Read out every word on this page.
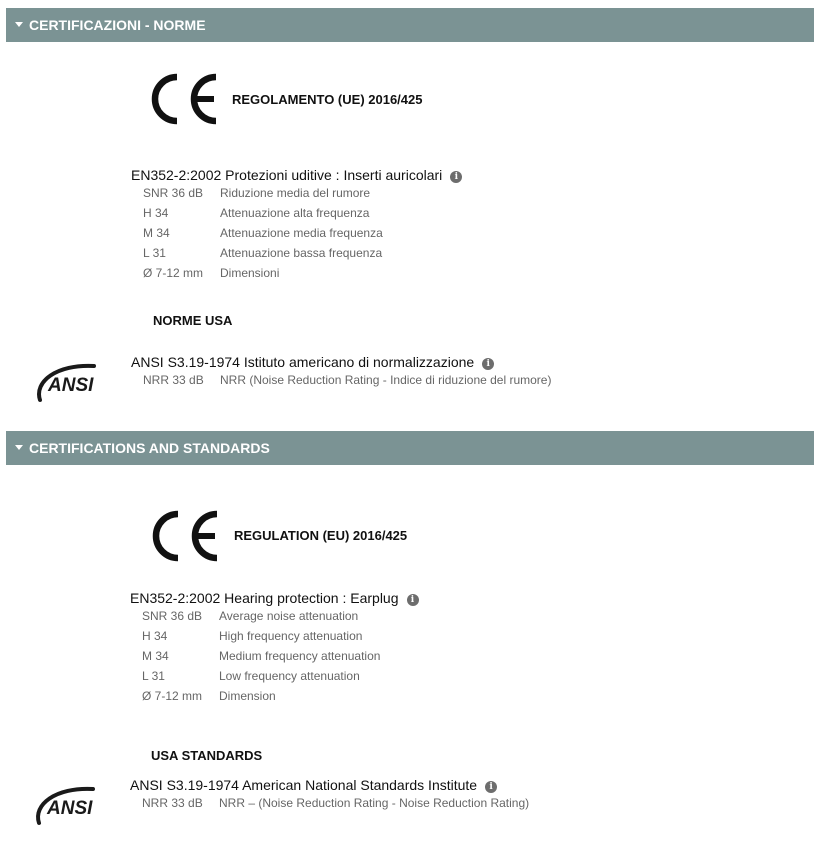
CERTIFICAZIONI - NORME
REGOLAMENTO (UE) 2016/425
EN352-2:2002 Protezioni uditive : Inserti auricolari i
SNR 36 dB Riduzione media del rumore
H 34	Attenuazione alta frequenza
M 34	Attenuazione media frequenza
L 31	Attenuazione bassa frequenza
Ø 7-12 mm Dimensioni
NORME USA
ANSI
ANSI S3.19-1974 Istituto americano di normalizzazione i
NRR 33 dB NRR (Noise Reduction Rating - Indice di riduzione del rumore)
CERTIFICATIONS AND STANDARDS
REGULATION (EU) 2016/425
EN352-2:2002 Hearing protection : Earplug i
SNR 36 dB Average noise attenuation
H 34	High frequency attenuation
M 34	Medium frequency attenuation
L 31	Low frequency attenuation
Ø 7-12 mm Dimension
USA STANDARDS
ANSI
ANSI S3.19-1974 American National Standards Institute i
NRR 33 dB NRR – (Noise Reduction Rating - Noise Reduction Rating)
